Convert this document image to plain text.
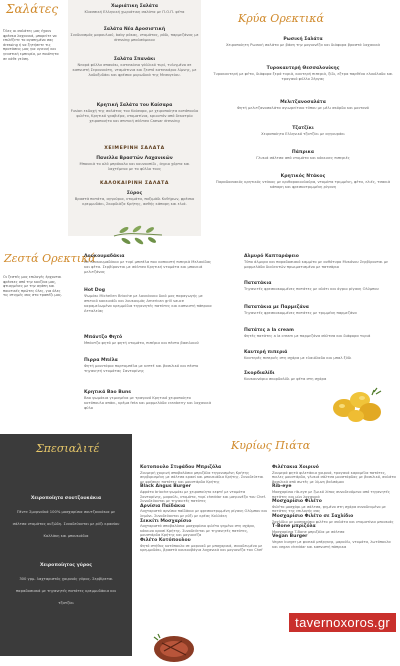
Σαλάτες
Όλες οι σαλάτες μας έχουν φρέσκα λαχανικά, μπορείτε να επιλέξετε το αγαπημένο σας dressing ή να ζητήσετε τις προτάσεις μας για υγιεινή και γευστική εμπειρία, με ποιότητα σε κάθε γεύση.
Χωριάτικη Σαλάτα
Κλασσική Ελληνική χωριάτικη σαλάτα με Π.Ο.Π. φέτα
Σαλάτα Νέα Δροσιστική
Συνδυασμός μαρουλιού, baby ρόκας, ντομάτας, ρόδι, παρμεζάνας με dressing μπαλσάμικου
Σαλάτα Σπανάκι
Νεαρά φύλλα σπανάκι, κατσικίσιο γάλλικό τυρί, τυλιγμένο σε καπνιστή Σερανικάτη, νταμάτινια και ζεστό κατσικάριο λίμνης, με λαδοξυδάκι και φρέσκα μυρωδικά της Μεσογείου.
Κρητική Σαλάτα του Καίσαρα
Fusion εκδοχή της σαλάτας του Καίσαρα, με χειροποίητα κοτόπουλο φιλέτο, Κρητικό γραβιέρα, ντοματίνια, κριουτόν από δεκατρίο χειροποιήτο και σπιτική σάλτσα Caesar dressing
ΧΕΙΜΕΡΙΝΗ ΣΑΛΑΤΑ
Πανελλα Βραστών Λαχανικών
Μπουκιά το ολό μπρόκολο και κουνουπίδι , άγριο χόρτα και λαχτέμενα με το φύλλο τους
ΚΑΛΟΚΑΙΡΙΝΗ ΣΑΛΑΤΑ
Σύρος
Βραστά πατάτα, αγγούρια, ντομάτα, παξιμάδι Κυθήρων, φρέσκο κρεμμυδάκι, Σκορδιάζα Κρήτης, ασθής κάπαρη και ελιά.
Κρύα Ορεκτικά
Ρωσική Σαλάτα
Χειροποίητη Ρωσική σαλάτα με βάση την μαγιονέζα και διάφορα βραστά λαχανικά
Τυροκαυτερή Θεσσαλονίκης
Τυροκαυτερή με φέτα, διάφορα ξερά τυριά, καυτερή πιπεριά, ξίδι, εξτρα παρθένο ελαιόλαδο και τραγανό φύλλο Σέργας
Μελιτζανοσαλάτα
Φητή μελιτζανοσαλάτα αγιωρείτικο τύπου με μέλι σκόρδο και μαιτανό
Τζατζίκι
Χειροποίητο Ελληνικό τζατζίκι με αγγουράκι
Πάπρικα
Γλυκιά σάλτσα από ντομάτα και κόκκινες πιπεριές
Κρητικός Ντάκος
Παραδοσιακός κρητικός ντάκος με κριθαροκουλούρα, ντομάτα τριμμένη, φέτα, ελιές, τσακιά κάπαρη και φρεσκοτριμμένη ρίγανη
Ζεστά Ορεκτικά
Οι ζεστές μας επιλογές έρχονται φρέσκες από την κουζίνα μας, φτιαγμένες με την αγάπη και ποιοτικές πρώτες ύλες, για όλες τις στιγμές σας στο τραπέζι μας.
Λουκουμαδάκια
Με λουκουμαδάκια με τυρί μπιπέλα που καπνιστή πιπεριά Μελανίδας και φέτα. Σερβίρονται με σάλτσα Κρητική ντομάτα και μπουκιά μελιτζάνας
Hot Dog
Ψωμάκι Michellen Brioche με λουκάνικο δικό μας παραγωγής με σπιτικό κοκκινάδι και λουκουμάς American grill sauce καραμελωμένα κρεμμύδια τηγανητές πατάτες και καπνιστή πάπρικα Ατταλείας
Μπάντζο Φητό
Μπάντζο φητό με φητή ντομάτα, πιπέρια και πέστο βασιλικού
Πιρρα Μπέλα
Φητή μανιτάρια πορτομπέλα με κεπτέ και βασιλικό και πέστο τηγανητή ντομάτας Σαντορίνης
Κρητικά Bao Buns
Bao ψωμάκια γεμισμένα με τραγανό Κρητικό χειροποίητο κοτόπουλο απάκι, κρέμα feta και μαρμελάδα cranberry και λαχανικά φύλο
Αλμυρό Καπταράφειο
Τύπο άλμυρα και παραδοσιακό καμμίτο με ανθότυρο Μυκόνου Σερβίρονται με μαρμελάδα διαλεκτών πρωιματισμένο με πατσάριο
Πατατάκια
Τηγανιτές φρεσκοκομμένες πατάτες με αλάτι και άγριο ρίγανη Ολύμπου
Πατατάκια με Παρμεζάνα
Τηγανιτές φρεσκοκομμένες πατάτες με τριμμένη παρμεζάνα
Πατάτες a la cream
Φητές πατάτες a la cream με παρμεζάνα σάλτσα και διάφορα τυριά
Καυτερή πιπεριά
Καυτερές πιπεριές στη σχάρα με ελαιόλαδο και μπαλ ξύδι
Σκορδιαλίδι
Κουκουνάριο σκορδαλίδι με φέτα στη σχάρα
Χειροποίητα σουτζουκάκια
Πέντε Σμυρναϊκά 100% μοσχαρίσια σουτζουκάκια με σάλτσα ντομάτας ουζώδη. Συνοδεύονται με ρύζι κρασίου Κολλάκη και μπουκιάδια
Χειροποίητος γύρος
300 γρμ. λαχταριστός χοιρινός γύρος. Σερβίρεται παραδοσιακά με τηγανητές πατάτες κρεμμυδάκια και τζατζίκι
Σπεσιαλιτέ	Κυρίως Πιάτα
Κοτοπουλο Στιφάδου Μπριζόλα
Ζουμερή χοιρινή σπαβαλόσια μπριζόλα τηγανισμένη Κρήτης σερβιρισμένη με σάλτσα κρασί και μπουκιάδια Κρήτης. Συνοδεύεται με φρέσκες πατάτες και μουστάρδα Κρήτης
Black Angus Burger
Αφράτο brioche ψωμάκι με χειροποίητο κεφτέ με ντομάτα Σαντορίνης, μαρούλι, ντομάτα, τυρί cheddar και μαγιονέζα του Chef. Συνοδεύονται με τηγανιτές πατάτες
Αρνίσια Παϊδάκια
Λαχταριστά αρνίσια παϊδάκια με φρεσκοτριμμένη ρίγανη Ολύμπου και λεμόνι. Συνοδεύονται με ρύζι με κρέας Κολλάκη
Σεκκίτι Μοσχαρίσιο
Λαχταριστά σπαβαλόσια μοσχαρίσιο φιλέτο ψημένο στη σχάρα, κόκκινο κρασί Κρήτης. Συνοδεύεται με τηγανητές πατάτες, μουστάρδα Κρήτης και μαγιονέζα
Φιλέτο Κοτόπουλου
Φητό στήθος κοτόπουλο σε μαριναδ με μπαχαρικά, συνοδευμένο με κρεμμυδάκι, βραστά κουκουβάγια λαχανικά και μαγιονέζα του Chef
Φιλέτακια Χοιρινό
Ζουμερά φητά φιλετάκια χοιρινά, τραγανά καραμέλα πατάτες, πικλες μουστάρδα, γλυκιά σάλτσα μουστάρδας με βασιλικό, σαλάτα βασιλικά από σωτές με λίμνη βαλσάμου
Rib-eye
Μοσχαρίσιο rib-eye με ζωικό λίπος συνοδευόμενο από τηγανητές πατάτες και μίνι λαχανικά
Μοσχαρίσιο Φιλέτο
Φιλέτο μοσχάρι με σάλτσα, ψημένο στη σχάρα συνοδευμένο με πατάτες της επιλογής σας
Μοσχαρίσιο Φιλέτο σε Σαχλίδιο
Σαχλίδιο με μοσχαρίσιο φιλέτο με σαλάτα και ντοματίνια μπουκιάς
Τ-Bone μπριζόλα
Μοσχαρίσια T-Bone μπριζόλα με σάλτσα
Vegan Burger
Vegan burger με φυσικό μπέργκερ, μαρούλι, ντομάτα, λωτόπουλα και vegan cheddar και καπνιστή πάπρικα
tavernoxoros.gr
